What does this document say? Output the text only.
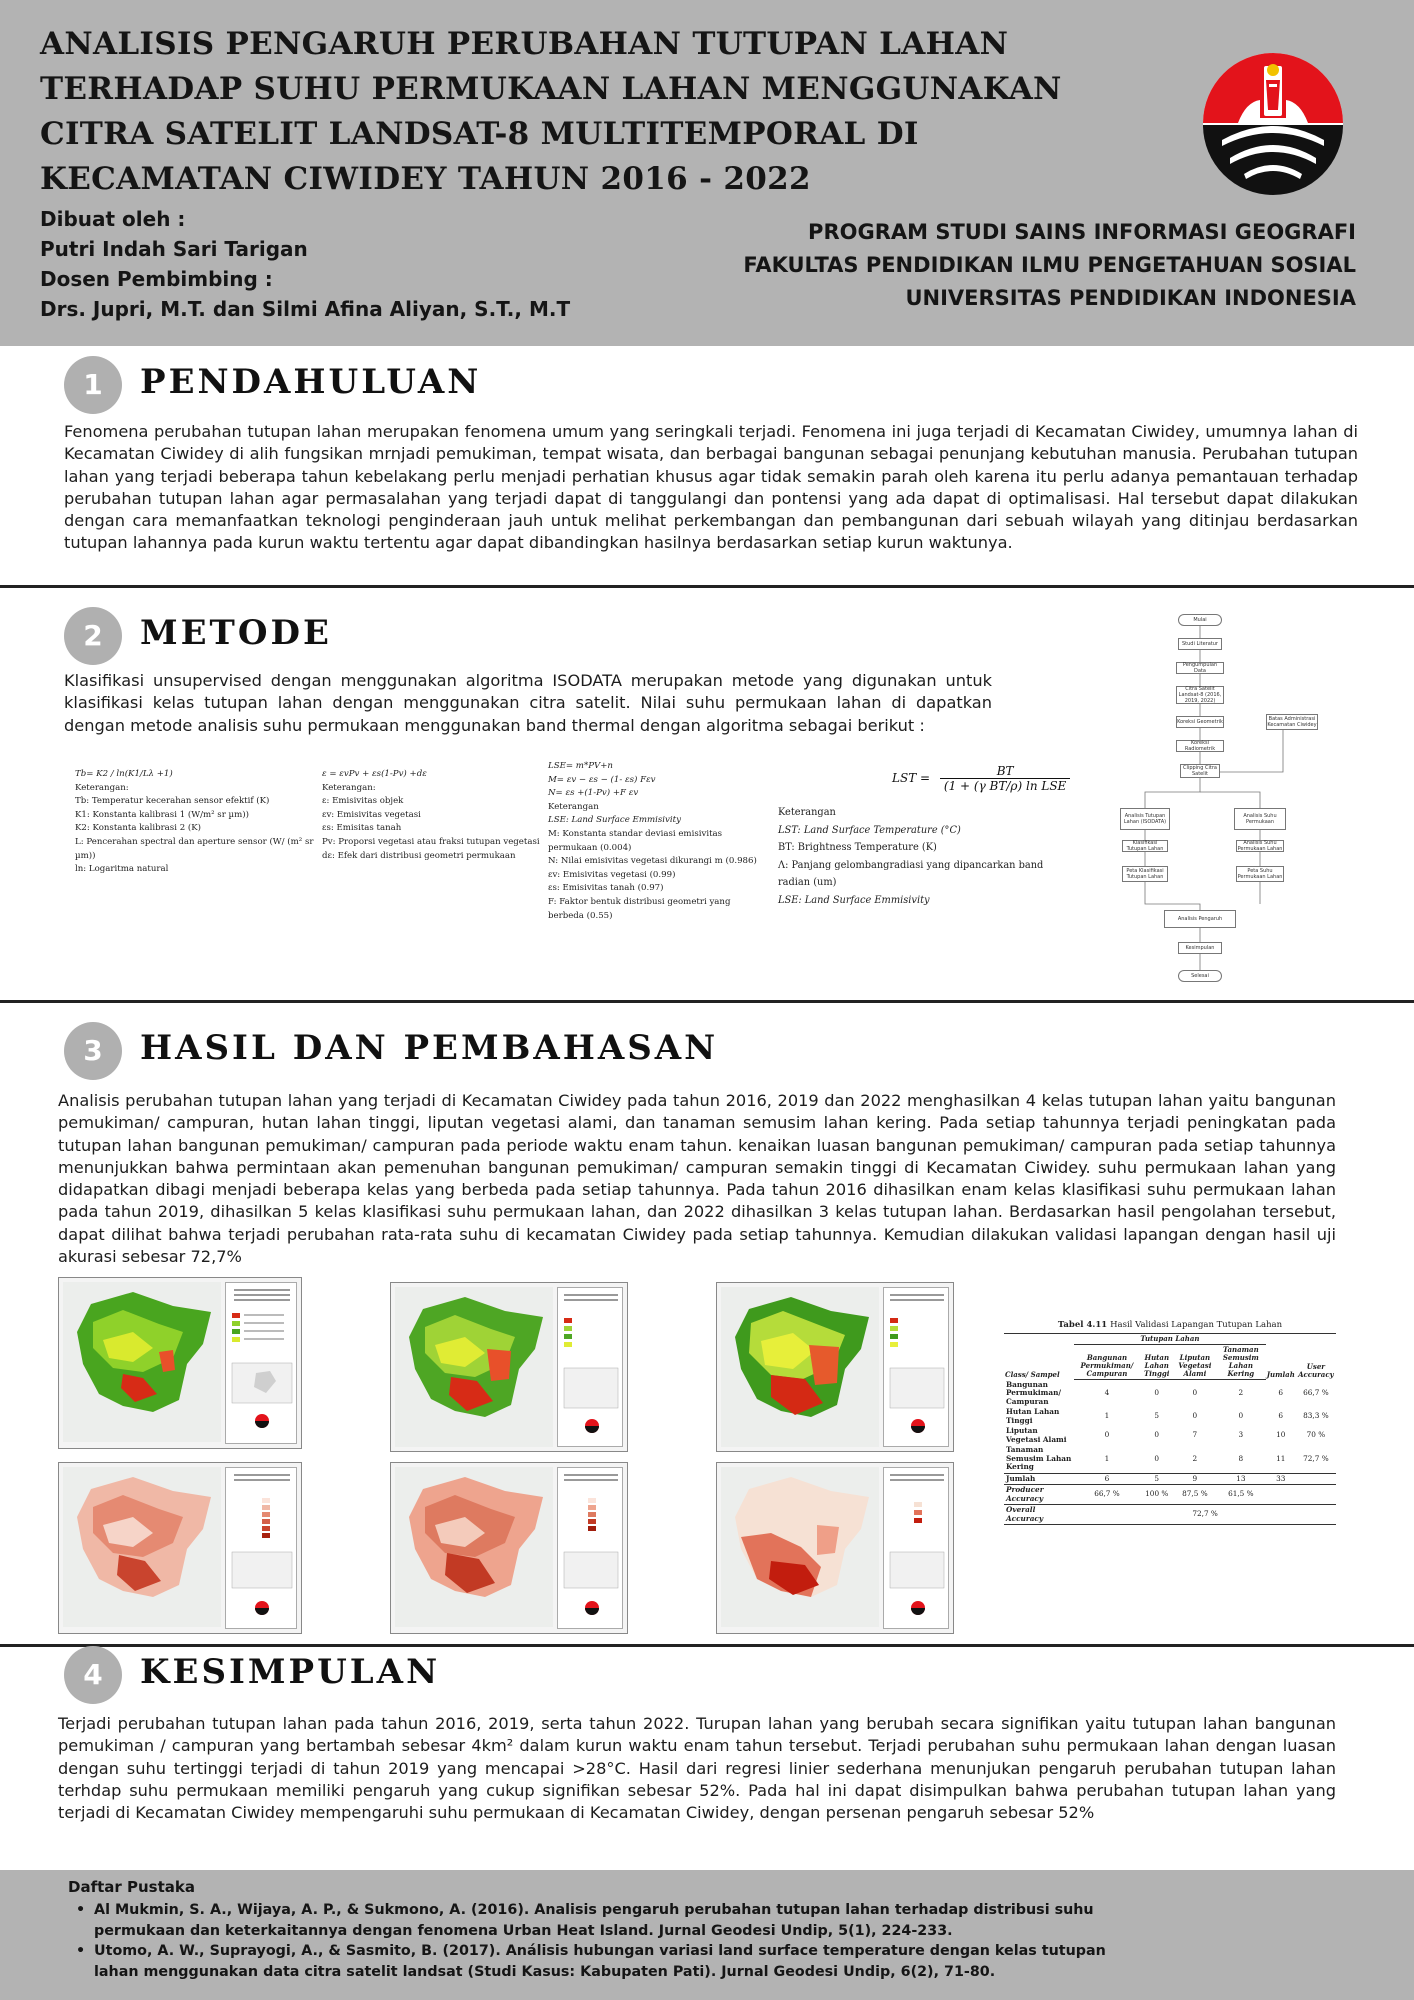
ANALISIS PENGARUH PERUBAHAN TUTUPAN LAHAN
TERHADAP SUHU PERMUKAAN LAHAN MENGGUNAKAN
CITRA SATELIT LANDSAT-8 MULTITEMPORAL DI
KECAMATAN CIWIDEY TAHUN 2016 - 2022
Dibuat oleh :
Putri Indah Sari Tarigan
Dosen Pembimbing :
Drs. Jupri, M.T. dan Silmi Afina Aliyan, S.T., M.T
PROGRAM STUDI SAINS INFORMASI GEOGRAFI
FAKULTAS PENDIDIKAN ILMU PENGETAHUAN SOSIAL
UNIVERSITAS PENDIDIKAN INDONESIA
1	PENDAHULUAN
Fenomena perubahan tutupan lahan merupakan fenomena umum yang seringkali terjadi. Fenomena ini juga terjadi di Kecamatan Ciwidey, umumnya lahan di Kecamatan Ciwidey di alih fungsikan mrnjadi pemukiman, tempat wisata, dan berbagai bangunan sebagai penunjang kebutuhan manusia. Perubahan tutupan lahan yang terjadi beberapa tahun kebelakang perlu menjadi perhatian khusus agar tidak semakin parah oleh karena itu perlu adanya pemantauan terhadap perubahan tutupan lahan agar permasalahan yang terjadi dapat di tanggulangi dan pontensi yang ada dapat di optimalisasi. Hal tersebut dapat dilakukan dengan cara memanfaatkan teknologi penginderaan jauh untuk melihat perkembangan dan pembangunan dari sebuah wilayah yang ditinjau berdasarkan tutupan lahannya pada kurun waktu tertentu agar dapat dibandingkan hasilnya berdasarkan setiap kurun waktunya.
2	METODE
Klasifikasi unsupervised dengan menggunakan algoritma ISODATA merupakan metode yang digunakan untuk klasifikasi kelas tutupan lahan dengan menggunakan citra satelit. Nilai suhu permukaan lahan di dapatkan dengan metode analisis suhu permukaan menggunakan band thermal dengan algoritma sebagai berikut :
Tb= K2 / ln(K1/Lλ +1)
Keterangan:
Tb: Temperatur kecerahan sensor efektif (K)
K1: Konstanta kalibrasi 1 (W/m² sr µm))
K2: Konstanta kalibrasi 2 (K)
L: Pencerahan spectral dan aperture sensor (W/ (m² sr µm))
ln: Logaritma natural
ε = εvPv + εs(1-Pv) +dε
Keterangan:
ε: Emisivitas objek
εv: Emisivitas vegetasi
εs: Emisitas tanah
Pv: Proporsi vegetasi atau fraksi tutupan vegetasi
dε: Efek dari distribusi geometri permukaan
LSE= m*PV+n
M= εv − εs − (1- εs) Fεv
N= εs +(1-Pv) +F εv
Keterangan
LSE: Land Surface Emmisivity
M: Konstanta standar deviasi emisivitas permukaan (0.004)
N: Nilai emisivitas vegetasi dikurangi m (0.986)
εv: Emisivitas vegetasi (0.99)
εs: Emisivitas tanah (0.97)
F: Faktor bentuk distribusi geometri yang berbeda (0.55)
LST =	BT
(1 + (γ BT/ρ) ln LSE
Keterangan
LST: Land Surface Temperature (°C)
BT: Brightness Temperature (K)
Λ: Panjang gelombangradiasi yang dipancarkan band radian (um)
LSE: Land Surface Emmisivity
Mulai
Studi Literatur
Pengumpulan Data
Citra Satelit Landsat-8 (2016, 2019, 2022)
Koreksi Geometrik
Koreksi Radiometrik
Clipping Citra Satelit
Batas Administrasi Kecamatan Ciwidey
Analisis Tutupan Lahan (ISODATA)
Analisis Suhu Permukaan
Klasifikasi Tutupan Lahan
Analisis Suhu Permukaan Lahan
Peta Klasifikasi Tutupan Lahan
Peta Suhu Permukaan Lahan
Analisis Pengaruh
Kesimpulan
Selesai
3	HASIL DAN PEMBAHASAN
Analisis perubahan tutupan lahan yang terjadi di Kecamatan Ciwidey pada tahun 2016, 2019 dan 2022 menghasilkan 4 kelas tutupan lahan yaitu bangunan pemukiman/ campuran, hutan lahan tinggi, liputan vegetasi alami, dan tanaman semusim lahan kering. Pada setiap tahunnya terjadi peningkatan pada tutupan lahan bangunan pemukiman/ campuran pada periode waktu enam tahun. kenaikan luasan bangunan pemukiman/ campuran pada setiap tahunnya menunjukkan bahwa permintaan akan pemenuhan bangunan pemukiman/ campuran semakin tinggi di Kecamatan Ciwidey. suhu permukaan lahan yang didapatkan dibagi menjadi beberapa kelas yang berbeda pada setiap tahunnya. Pada tahun 2016 dihasilkan enam kelas klasifikasi suhu permukaan lahan pada tahun 2019, dihasilkan 5 kelas klasifikasi suhu permukaan lahan, dan 2022 dihasilkan 3 kelas tutupan lahan. Berdasarkan hasil pengolahan tersebut, dapat dilihat bahwa terjadi perubahan rata-rata suhu di kecamatan Ciwidey pada setiap tahunnya. Kemudian dilakukan validasi lapangan dengan hasil uji akurasi sebesar 72,7%
Tabel 4.11 Hasil Validasi Lapangan Tutupan Lahan
Class/ Sampel	Tutupan Lahan				Jumlah	User Accuracy
	Bangunan Permukiman/ Campuran	Hutan Lahan Tinggi	Liputan Vegetasi Alami	Tanaman Semusim Lahan Kering		
Bangunan Permukiman/ Campuran	4	0	0	2	6	66,7 %
Hutan Lahan Tinggi	1	5	0	0	6	83,3 %
Liputan Vegetasi Alami	0	0	7	3	10	70 %
Tanaman Semusim Lahan Kering	1	0	2	8	11	72,7 %
Jumlah	6	5	9	13	33	
Producer Accuracy	66,7 %	100 %	87,5 %	61,5 %		
Overall Accuracy	72,7 %					
4	KESIMPULAN
Terjadi perubahan tutupan lahan pada tahun 2016, 2019, serta tahun 2022. Turupan lahan yang berubah secara signifikan yaitu tutupan lahan bangunan pemukiman / campuran yang bertambah sebesar 4km² dalam kurun waktu enam tahun tersebut. Terjadi perubahan suhu permukaan lahan dengan luasan dengan suhu tertinggi terjadi di tahun 2019 yang mencapai >28°C. Hasil dari regresi linier sederhana menunjukan pengaruh perubahan tutupan lahan terhdap suhu permukaan memiliki pengaruh yang cukup signifikan sebesar 52%. Pada hal ini dapat disimpulkan bahwa perubahan tutupan lahan yang terjadi di Kecamatan Ciwidey mempengaruhi suhu permukaan di Kecamatan Ciwidey, dengan persenan pengaruh sebesar 52%
Daftar Pustaka
• Al Mukmin, S. A., Wijaya, A. P., & Sukmono, A. (2016). Analisis pengaruh perubahan tutupan lahan terhadap distribusi suhu permukaan dan keterkaitannya dengan fenomena Urban Heat Island. Jurnal Geodesi Undip, 5(1), 224-233.
• Utomo, A. W., Suprayogi, A., & Sasmito, B. (2017). Análisis hubungan variasi land surface temperature dengan kelas tutupan lahan menggunakan data citra satelit landsat (Studi Kasus: Kabupaten Pati). Jurnal Geodesi Undip, 6(2), 71-80.
